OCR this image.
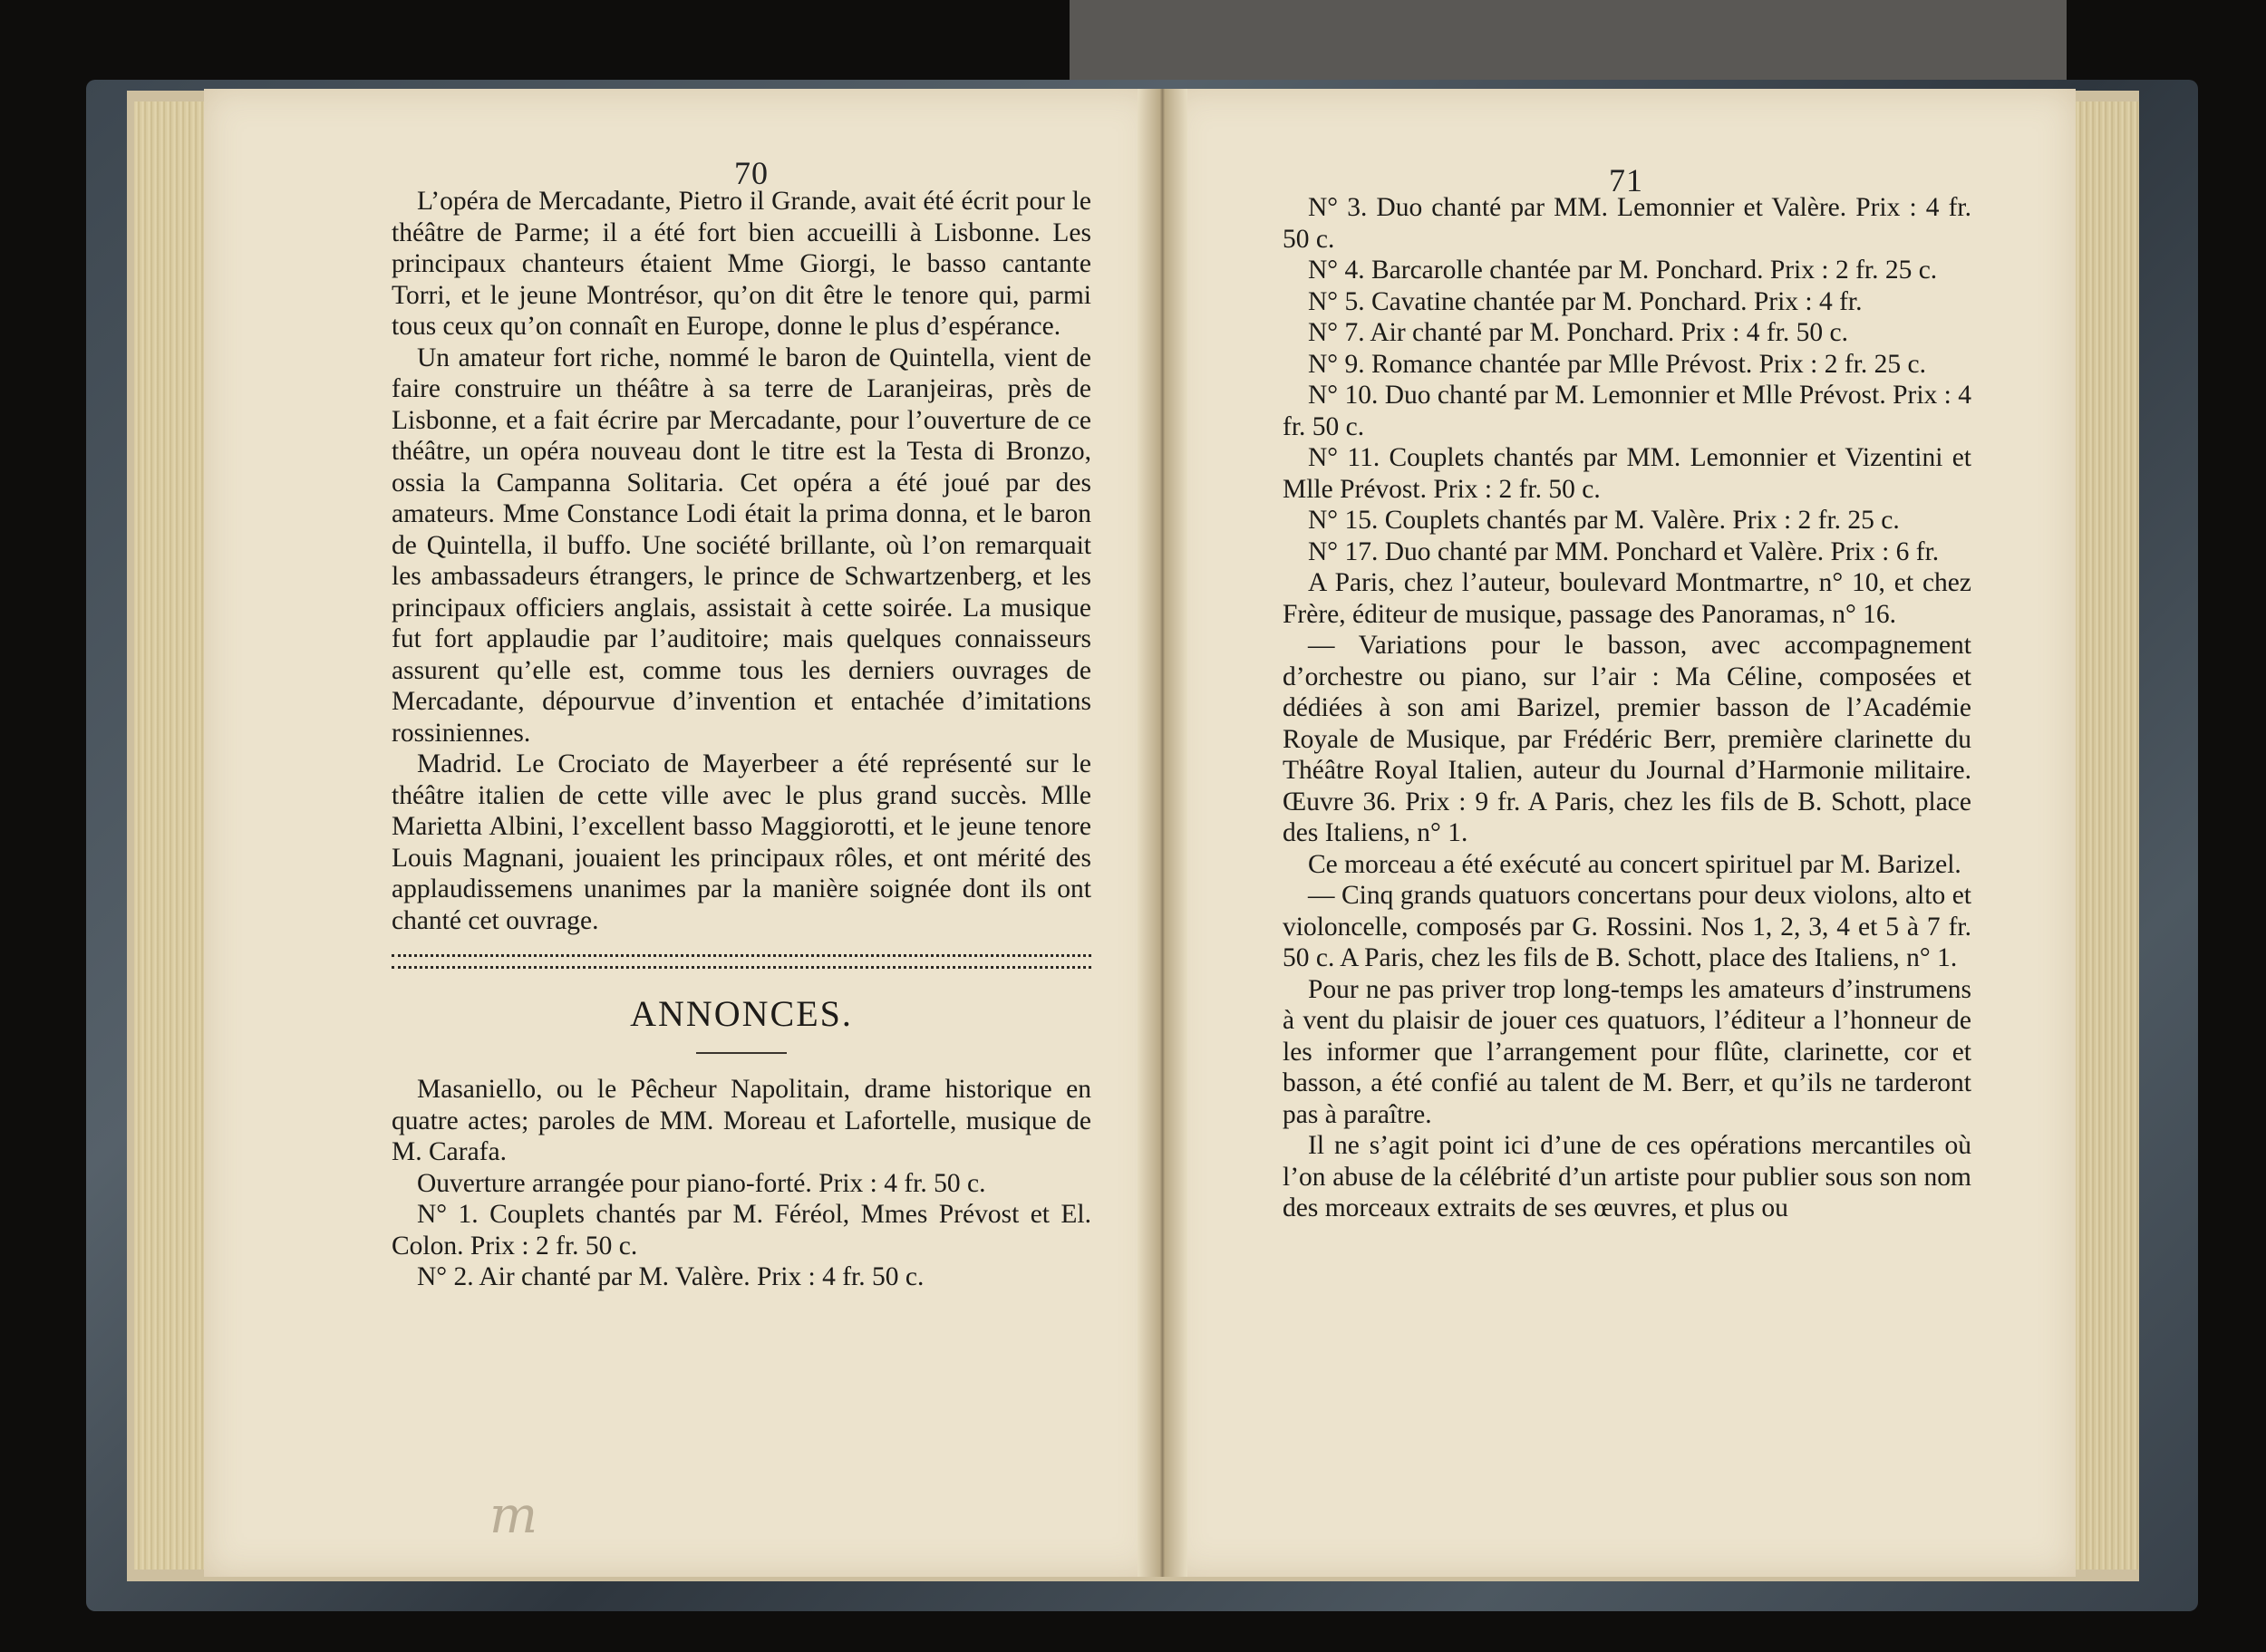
70	71

L’opéra de Mercadante, Pietro il Grande, avait été écrit pour le théâtre de Parme; il a été fort bien accueilli à Lisbonne. Les principaux chanteurs étaient Mme Giorgi, le basso cantante Torri, et le jeune Montrésor, qu’on dit être le tenore qui, parmi tous ceux qu’on connaît en Europe, donne le plus d’espérance.

Un amateur fort riche, nommé le baron de Quintella, vient de faire construire un théâtre à sa terre de Laranjeiras, près de Lisbonne, et a fait écrire par Mercadante, pour l’ouverture de ce théâtre, un opéra nouveau dont le titre est la Testa di Bronzo, ossia la Campanna Solitaria. Cet opéra a été joué par des amateurs. Mme Constance Lodi était la prima donna, et le baron de Quintella, il buffo. Une société brillante, où l’on remarquait les ambassadeurs étrangers, le prince de Schwartzenberg, et les principaux officiers anglais, assistait à cette soirée. La musique fut fort applaudie par l’auditoire; mais quelques connaisseurs assurent qu’elle est, comme tous les derniers ouvrages de Mercadante, dépourvue d’invention et entachée d’imitations rossiniennes.

Madrid. Le Crociato de Mayerbeer a été représenté sur le théâtre italien de cette ville avec le plus grand succès. Mlle Marietta Albini, l’excellent basso Maggiorotti, et le jeune tenore Louis Magnani, jouaient les principaux rôles, et ont mérité des applaudissemens unanimes par la manière soignée dont ils ont chanté cet ouvrage.

ANNONCES.

Masaniello, ou le Pêcheur Napolitain, drame historique en quatre actes; paroles de MM. Moreau et Lafortelle, musique de M. Carafa.

Ouverture arrangée pour piano-forté. Prix : 4 fr. 50 c.

N° 1. Couplets chantés par M. Féréol, Mmes Prévost et El. Colon. Prix : 2 fr. 50 c.

N° 2. Air chanté par M. Valère. Prix : 4 fr. 50 c.

N° 3. Duo chanté par MM. Lemonnier et Valère. Prix : 4 fr. 50 c.

N° 4. Barcarolle chantée par M. Ponchard. Prix : 2 fr. 25 c.

N° 5. Cavatine chantée par M. Ponchard. Prix : 4 fr.

N° 7. Air chanté par M. Ponchard. Prix : 4 fr. 50 c.

N° 9. Romance chantée par Mlle Prévost. Prix : 2 fr. 25 c.

N° 10. Duo chanté par M. Lemonnier et Mlle Prévost. Prix : 4 fr. 50 c.

N° 11. Couplets chantés par MM. Lemonnier et Vizentini et Mlle Prévost. Prix : 2 fr. 50 c.

N° 15. Couplets chantés par M. Valère. Prix : 2 fr. 25 c.

N° 17. Duo chanté par MM. Ponchard et Valère. Prix : 6 fr.

A Paris, chez l’auteur, boulevard Montmartre, n° 10, et chez Frère, éditeur de musique, passage des Panoramas, n° 16.

— Variations pour le basson, avec accompagnement d’orchestre ou piano, sur l’air : Ma Céline, composées et dédiées à son ami Barizel, premier basson de l’Académie Royale de Musique, par Frédéric Berr, première clarinette du Théâtre Royal Italien, auteur du Journal d’Harmonie militaire. Œuvre 36. Prix : 9 fr. A Paris, chez les fils de B. Schott, place des Italiens, n° 1.

Ce morceau a été exécuté au concert spirituel par M. Barizel.

— Cinq grands quatuors concertans pour deux violons, alto et violoncelle, composés par G. Rossini. Nos 1, 2, 3, 4 et 5 à 7 fr. 50 c. A Paris, chez les fils de B. Schott, place des Italiens, n° 1.

Pour ne pas priver trop long-temps les amateurs d’instrumens à vent du plaisir de jouer ces quatuors, l’éditeur a l’honneur de les informer que l’arrangement pour flûte, clarinette, cor et basson, a été confié au talent de M. Berr, et qu’ils ne tarderont pas à paraître.

Il ne s’agit point ici d’une de ces opérations mercantiles où l’on abuse de la célébrité d’un artiste pour publier sous son nom des morceaux extraits de ses œuvres, et plus ou

m
